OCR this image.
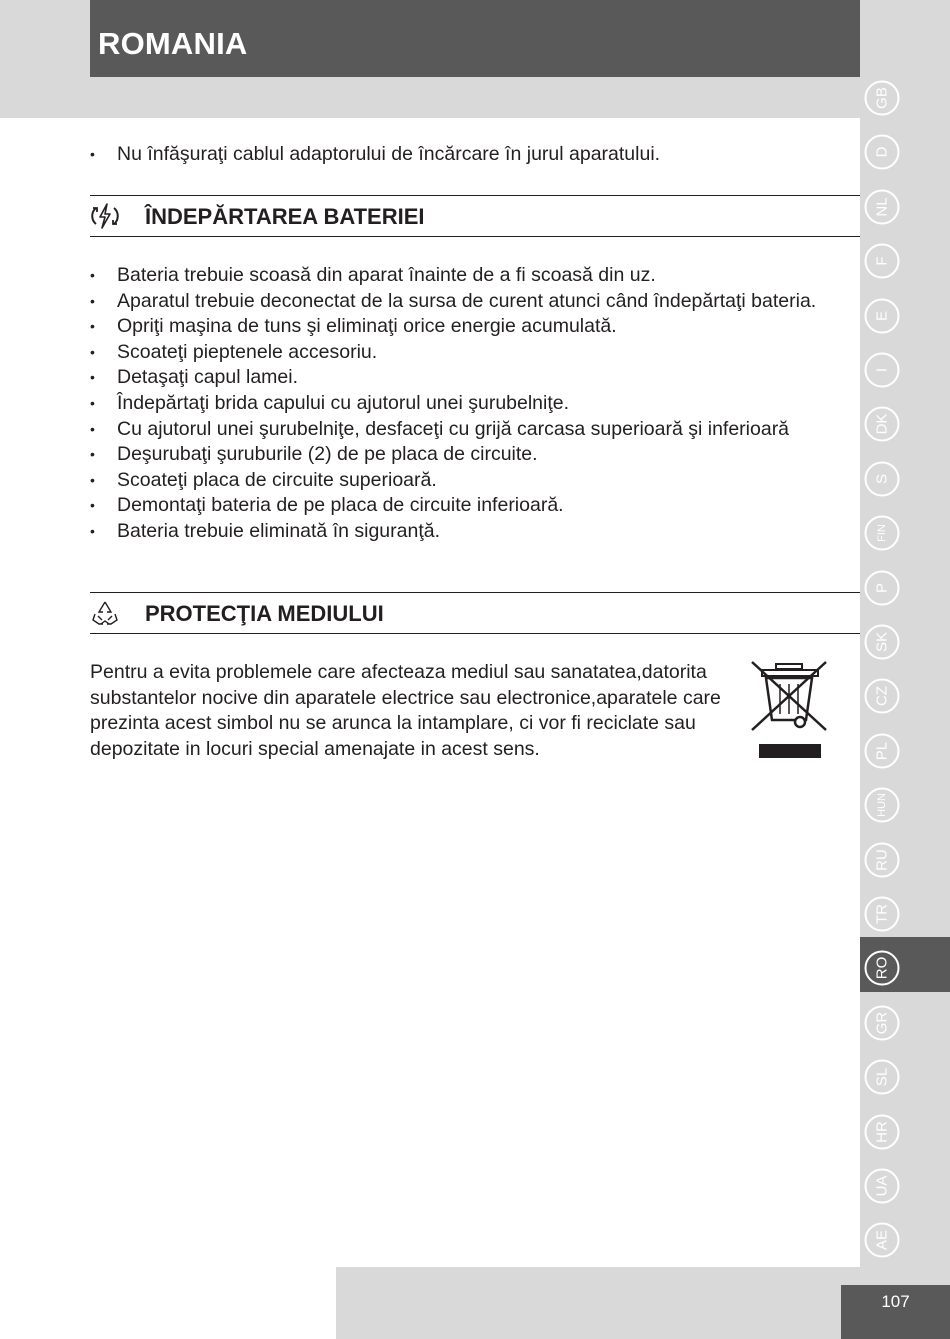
ROMANIA
• Nu înfăşuraţi cablul adaptorului de încărcare în jurul aparatului.
ÎNDEPĂRTAREA BATERIEI
• Bateria trebuie scoasă din aparat înainte de a fi scoasă din uz.
• Aparatul trebuie deconectat de la sursa de curent atunci când îndepărtaţi bateria.
• Opriţi maşina de tuns şi eliminaţi orice energie acumulată.
• Scoateţi pieptenele accesoriu.
• Detaşaţi capul lamei.
• Îndepărtaţi brida capului cu ajutorul unei şurubelniţe.
• Cu ajutorul unei şurubelniţe, desfaceţi cu grijă carcasa superioară şi inferioară
• Deşurubaţi şuruburile (2) de pe placa de circuite.
• Scoateţi placa de circuite superioară.
• Demontaţi bateria de pe placa de circuite inferioară.
• Bateria trebuie eliminată în siguranţă.
PROTECŢIA MEDIULUI

Pentru a evita problemele care afecteaza mediul sau sanatatea,datorita substantelor nocive din aparatele electrice sau electronice,aparatele care prezinta acest simbol nu se arunca la intamplare, ci vor fi reciclate sau depozitate in locuri special amenajate in acest sens.

GB
D
NL
F
E
I
DK
S
FIN
P
SK
CZ
PL
HUN
RU
TR
RO
GR
SL
HR
UA
AE
107
